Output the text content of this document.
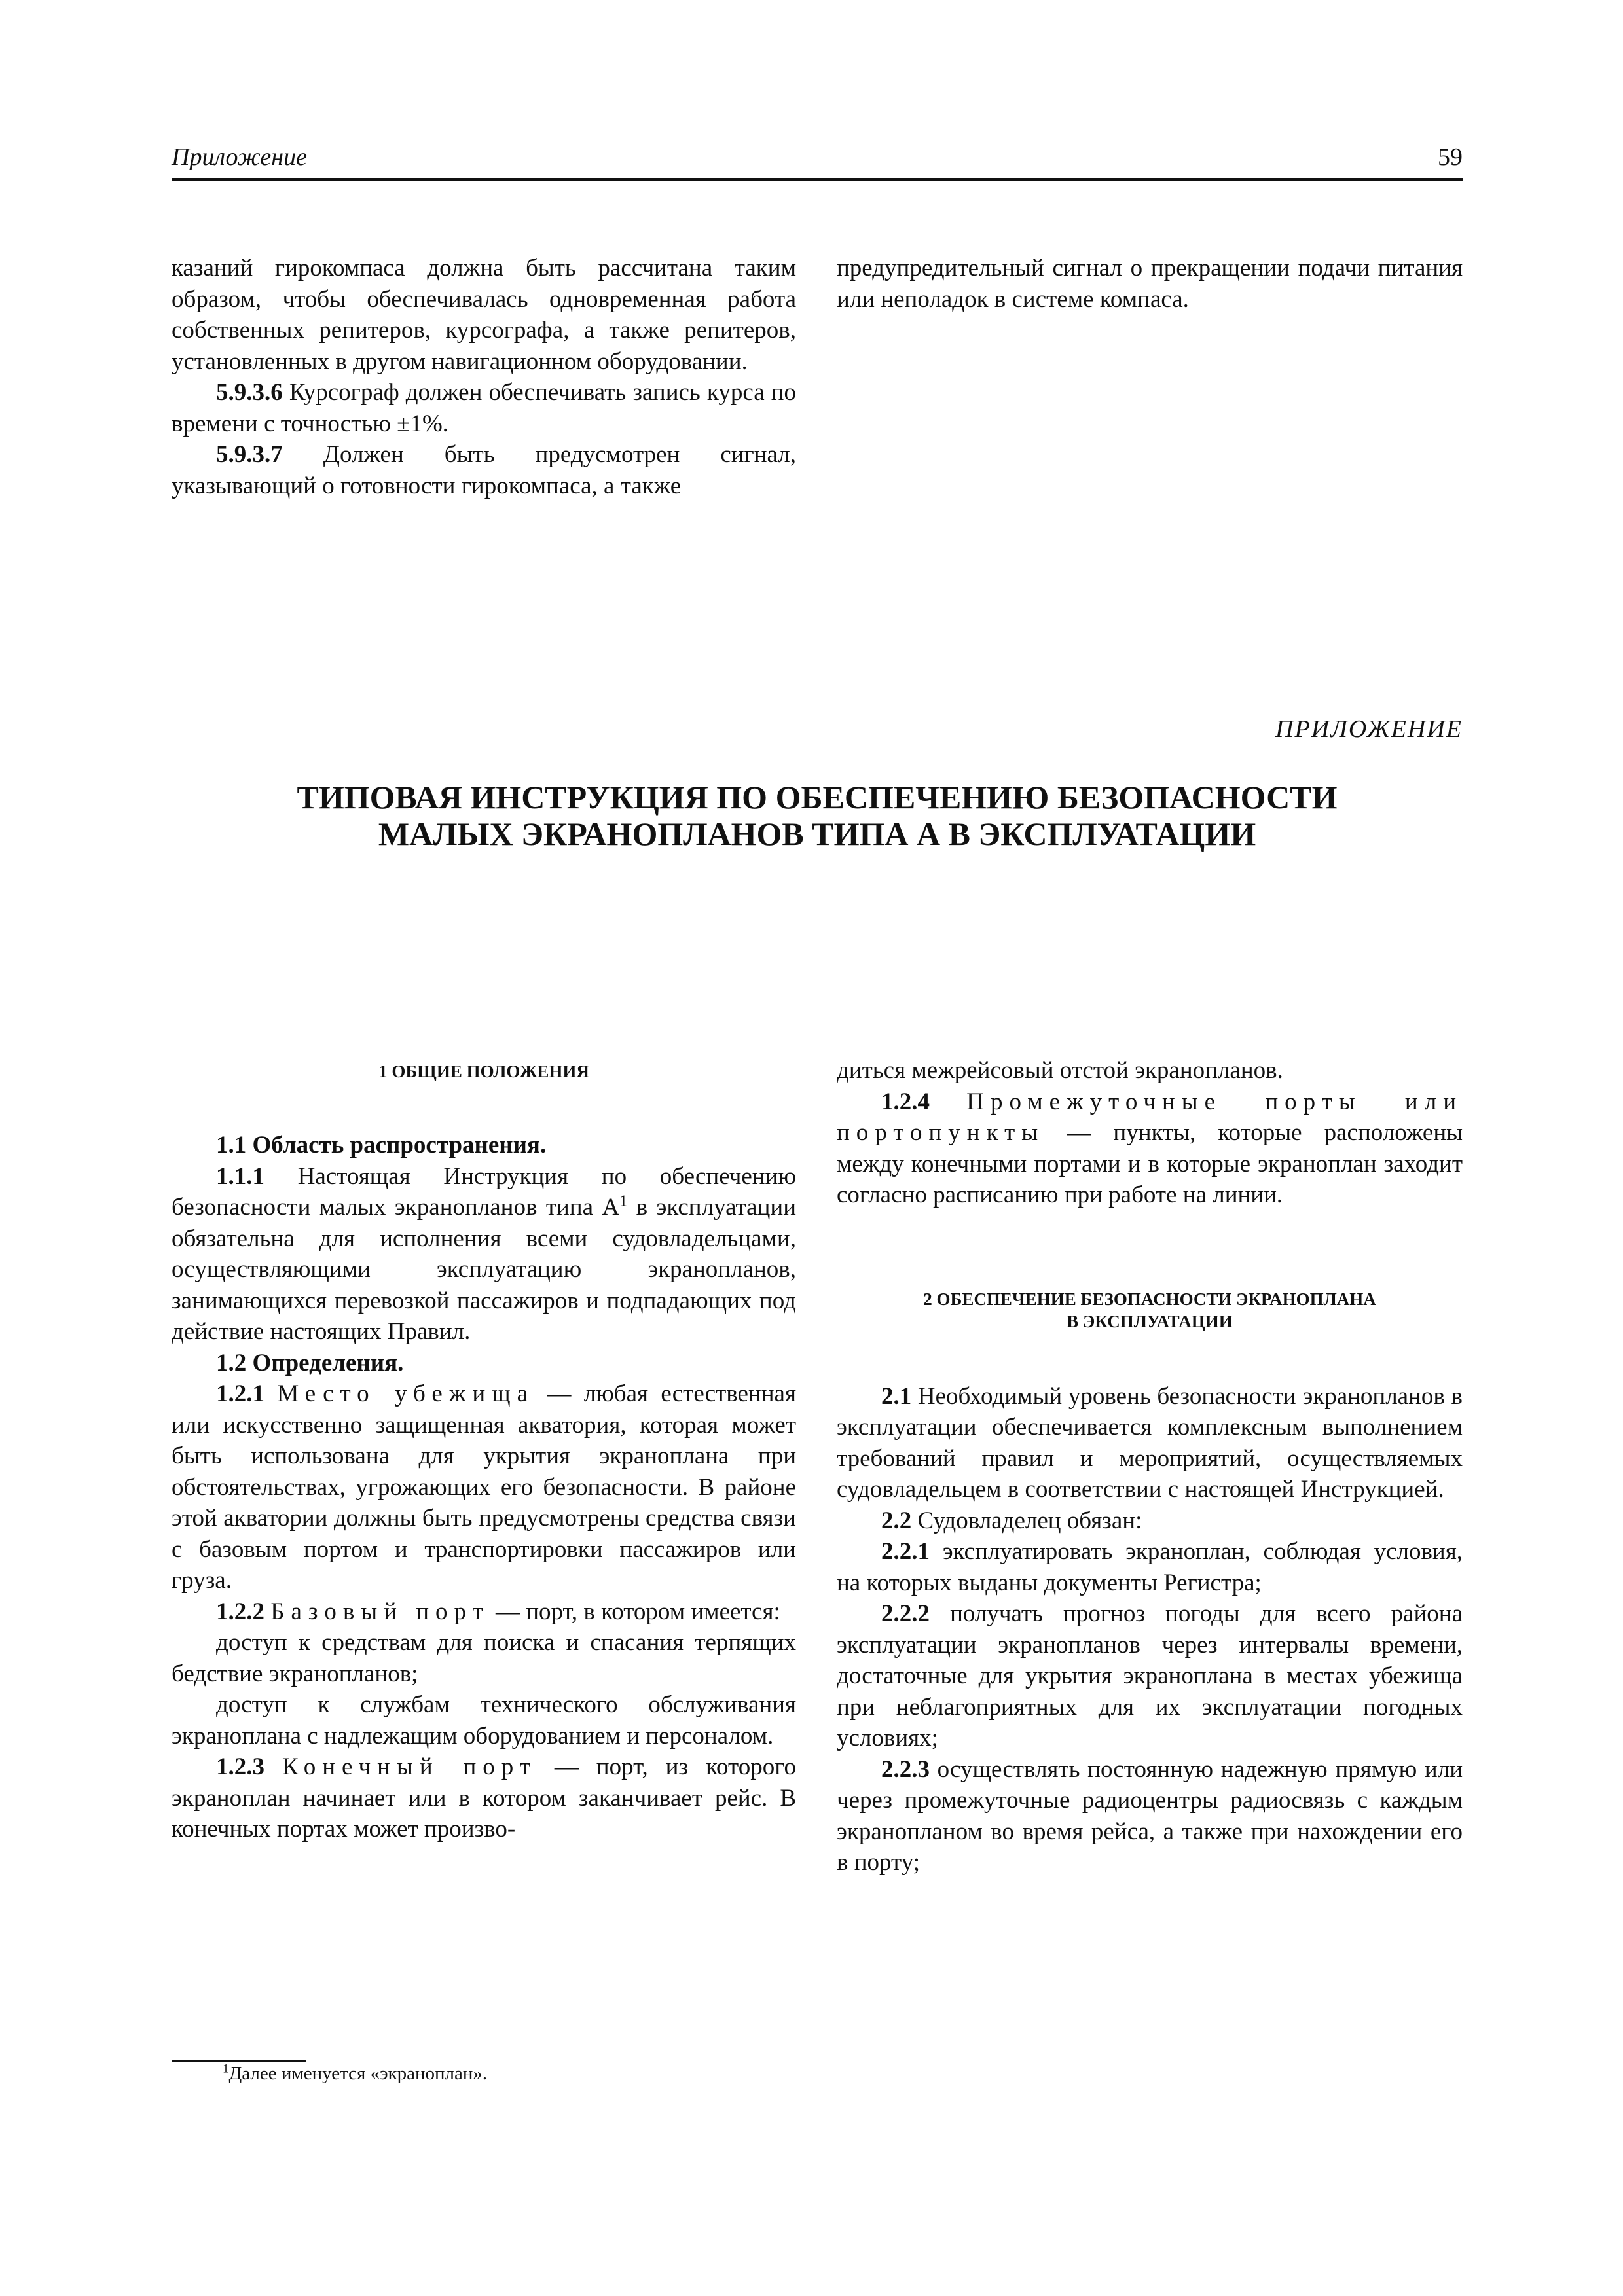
Приложение	59

казаний гирокомпаса должна быть рассчитана таким образом, чтобы обеспечивалась одновременная работа собственных репитеров, курсографа, а также репитеров, установленных в другом навигационном оборудовании.

5.9.3.6 Курсограф должен обеспечивать запись курса по времени с точностью ±1%.

5.9.3.7 Должен быть предусмотрен сигнал, указывающий о готовности гирокомпаса, а также

предупредительный сигнал о прекращении подачи питания или неполадок в системе компаса.

ПРИЛОЖЕНИЕ
ТИПОВАЯ ИНСТРУКЦИЯ ПО ОБЕСПЕЧЕНИЮ БЕЗОПАСНОСТИ
МАЛЫХ ЭКРАНОПЛАНОВ ТИПА А В ЭКСПЛУАТАЦИИ
1 ОБЩИЕ ПОЛОЖЕНИЯ

1.1 Область распространения.

1.1.1 Настоящая Инструкция по обеспечению безопасности малых экранопланов типа $А^1$ в эксплуатации обязательна для исполнения всеми судовладельцами, осуществляющими эксплуатацию экранопланов, занимающихся перевозкой пассажиров и подпадающих под действие настоящих Правил.

1.2 Определения.

1.2.1 Место убежища — любая естественная или искусственно защищенная акватория, которая может быть использована для укрытия экраноплана при обстоятельствах, угрожающих его безопасности. В районе этой акватории должны быть предусмотрены средства связи с базовым портом и транспортировки пассажиров или груза.

1.2.2 Базовый порт — порт, в котором имеется:

доступ к средствам для поиска и спасания терпящих бедствие экранопланов;

доступ к службам технического обслуживания экраноплана с надлежащим оборудованием и персоналом.

1.2.3 Конечный порт — порт, из которого экраноплан начинает или в котором заканчивает рейс. В конечных портах может произво-

диться межрейсовый отстой экранопланов.

1.2.4 Промежуточные порты или портопункты — пункты, которые расположены между конечными портами и в которые экраноплан заходит согласно расписанию при работе на линии.

2 ОБЕСПЕЧЕНИЕ БЕЗОПАСНОСТИ ЭКРАНОПЛАНА
В ЭКСПЛУАТАЦИИ

2.1 Необходимый уровень безопасности экранопланов в эксплуатации обеспечивается комплексным выполнением требований правил и мероприятий, осуществляемых судовладельцем в соответствии с настоящей Инструкцией.

2.2 Судовладелец обязан:

2.2.1 эксплуатировать экраноплан, соблюдая условия, на которых выданы документы Регистра;

2.2.2 получать прогноз погоды для всего района эксплуатации экранопланов через интервалы времени, достаточные для укрытия экраноплана в местах убежища при неблагоприятных для их эксплуатации погодных условиях;

2.2.3 осуществлять постоянную надежную прямую или через промежуточные радиоцентры радиосвязь с каждым экранопланом во время рейса, а также при нахождении его в порту;

$^1$Далее именуется «экраноплан».
